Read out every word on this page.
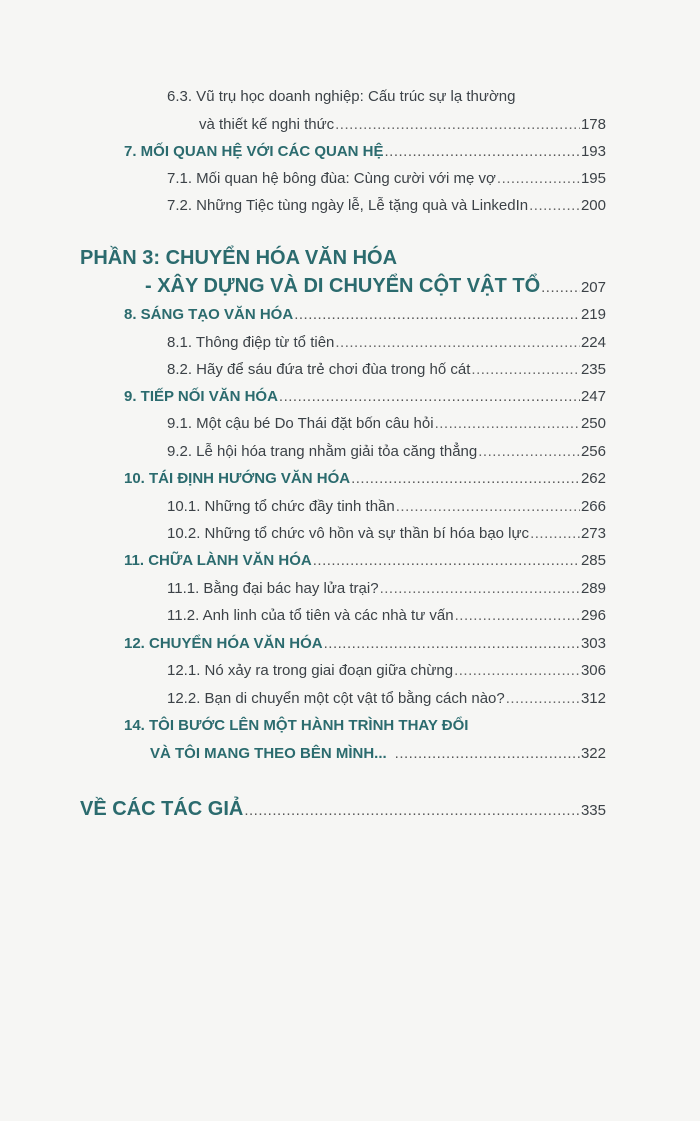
6.3. Vũ trụ học doanh nghiệp: Cấu trúc sự lạ thường
và thiết kế nghi thức .....	178
7. MỐI QUAN HỆ VỚI CÁC QUAN HỆ .....	193
7.1. Mối quan hệ bông đùa: Cùng cười với mẹ vợ .....	195
7.2. Những Tiệc tùng ngày lễ, Lễ tặng quà và LinkedIn .....	200
PHẦN 3: CHUYỂN HÓA VĂN HÓA
- XÂY DỰNG VÀ DI CHUYỂN CỘT VẬT TỔ .....	207
8. SÁNG TẠO VĂN HÓA .....	219
8.1. Thông điệp từ tổ tiên .....	224
8.2. Hãy để sáu đứa trẻ chơi đùa trong hố cát .....	235
9. TIẾP NỐI VĂN HÓA .....	247
9.1. Một cậu bé Do Thái đặt bốn câu hỏi .....	250
9.2. Lễ hội hóa trang nhằm giải tỏa căng thẳng .....	256
10. TÁI ĐỊNH HƯỚNG VĂN HÓA .....	262
10.1. Những tổ chức đầy tinh thần .....	266
10.2. Những tổ chức vô hồn và sự thần bí hóa bạo lực .....	273
11. CHỮA LÀNH VĂN HÓA .....	285
11.1. Bằng đại bác hay lửa trại? .....	289
11.2. Anh linh của tổ tiên và các nhà tư vấn .....	296
12. CHUYỂN HÓA VĂN HÓA .....	303
12.1. Nó xảy ra trong giai đoạn giữa chừng .....	306
12.2. Bạn di chuyển một cột vật tổ bằng cách nào? .....	312
14. TÔI BƯỚC LÊN MỘT HÀNH TRÌNH THAY ĐỔI
VÀ TÔI MANG THEO BÊN MÌNH... .....	322
VỀ CÁC TÁC GIẢ .....	335
